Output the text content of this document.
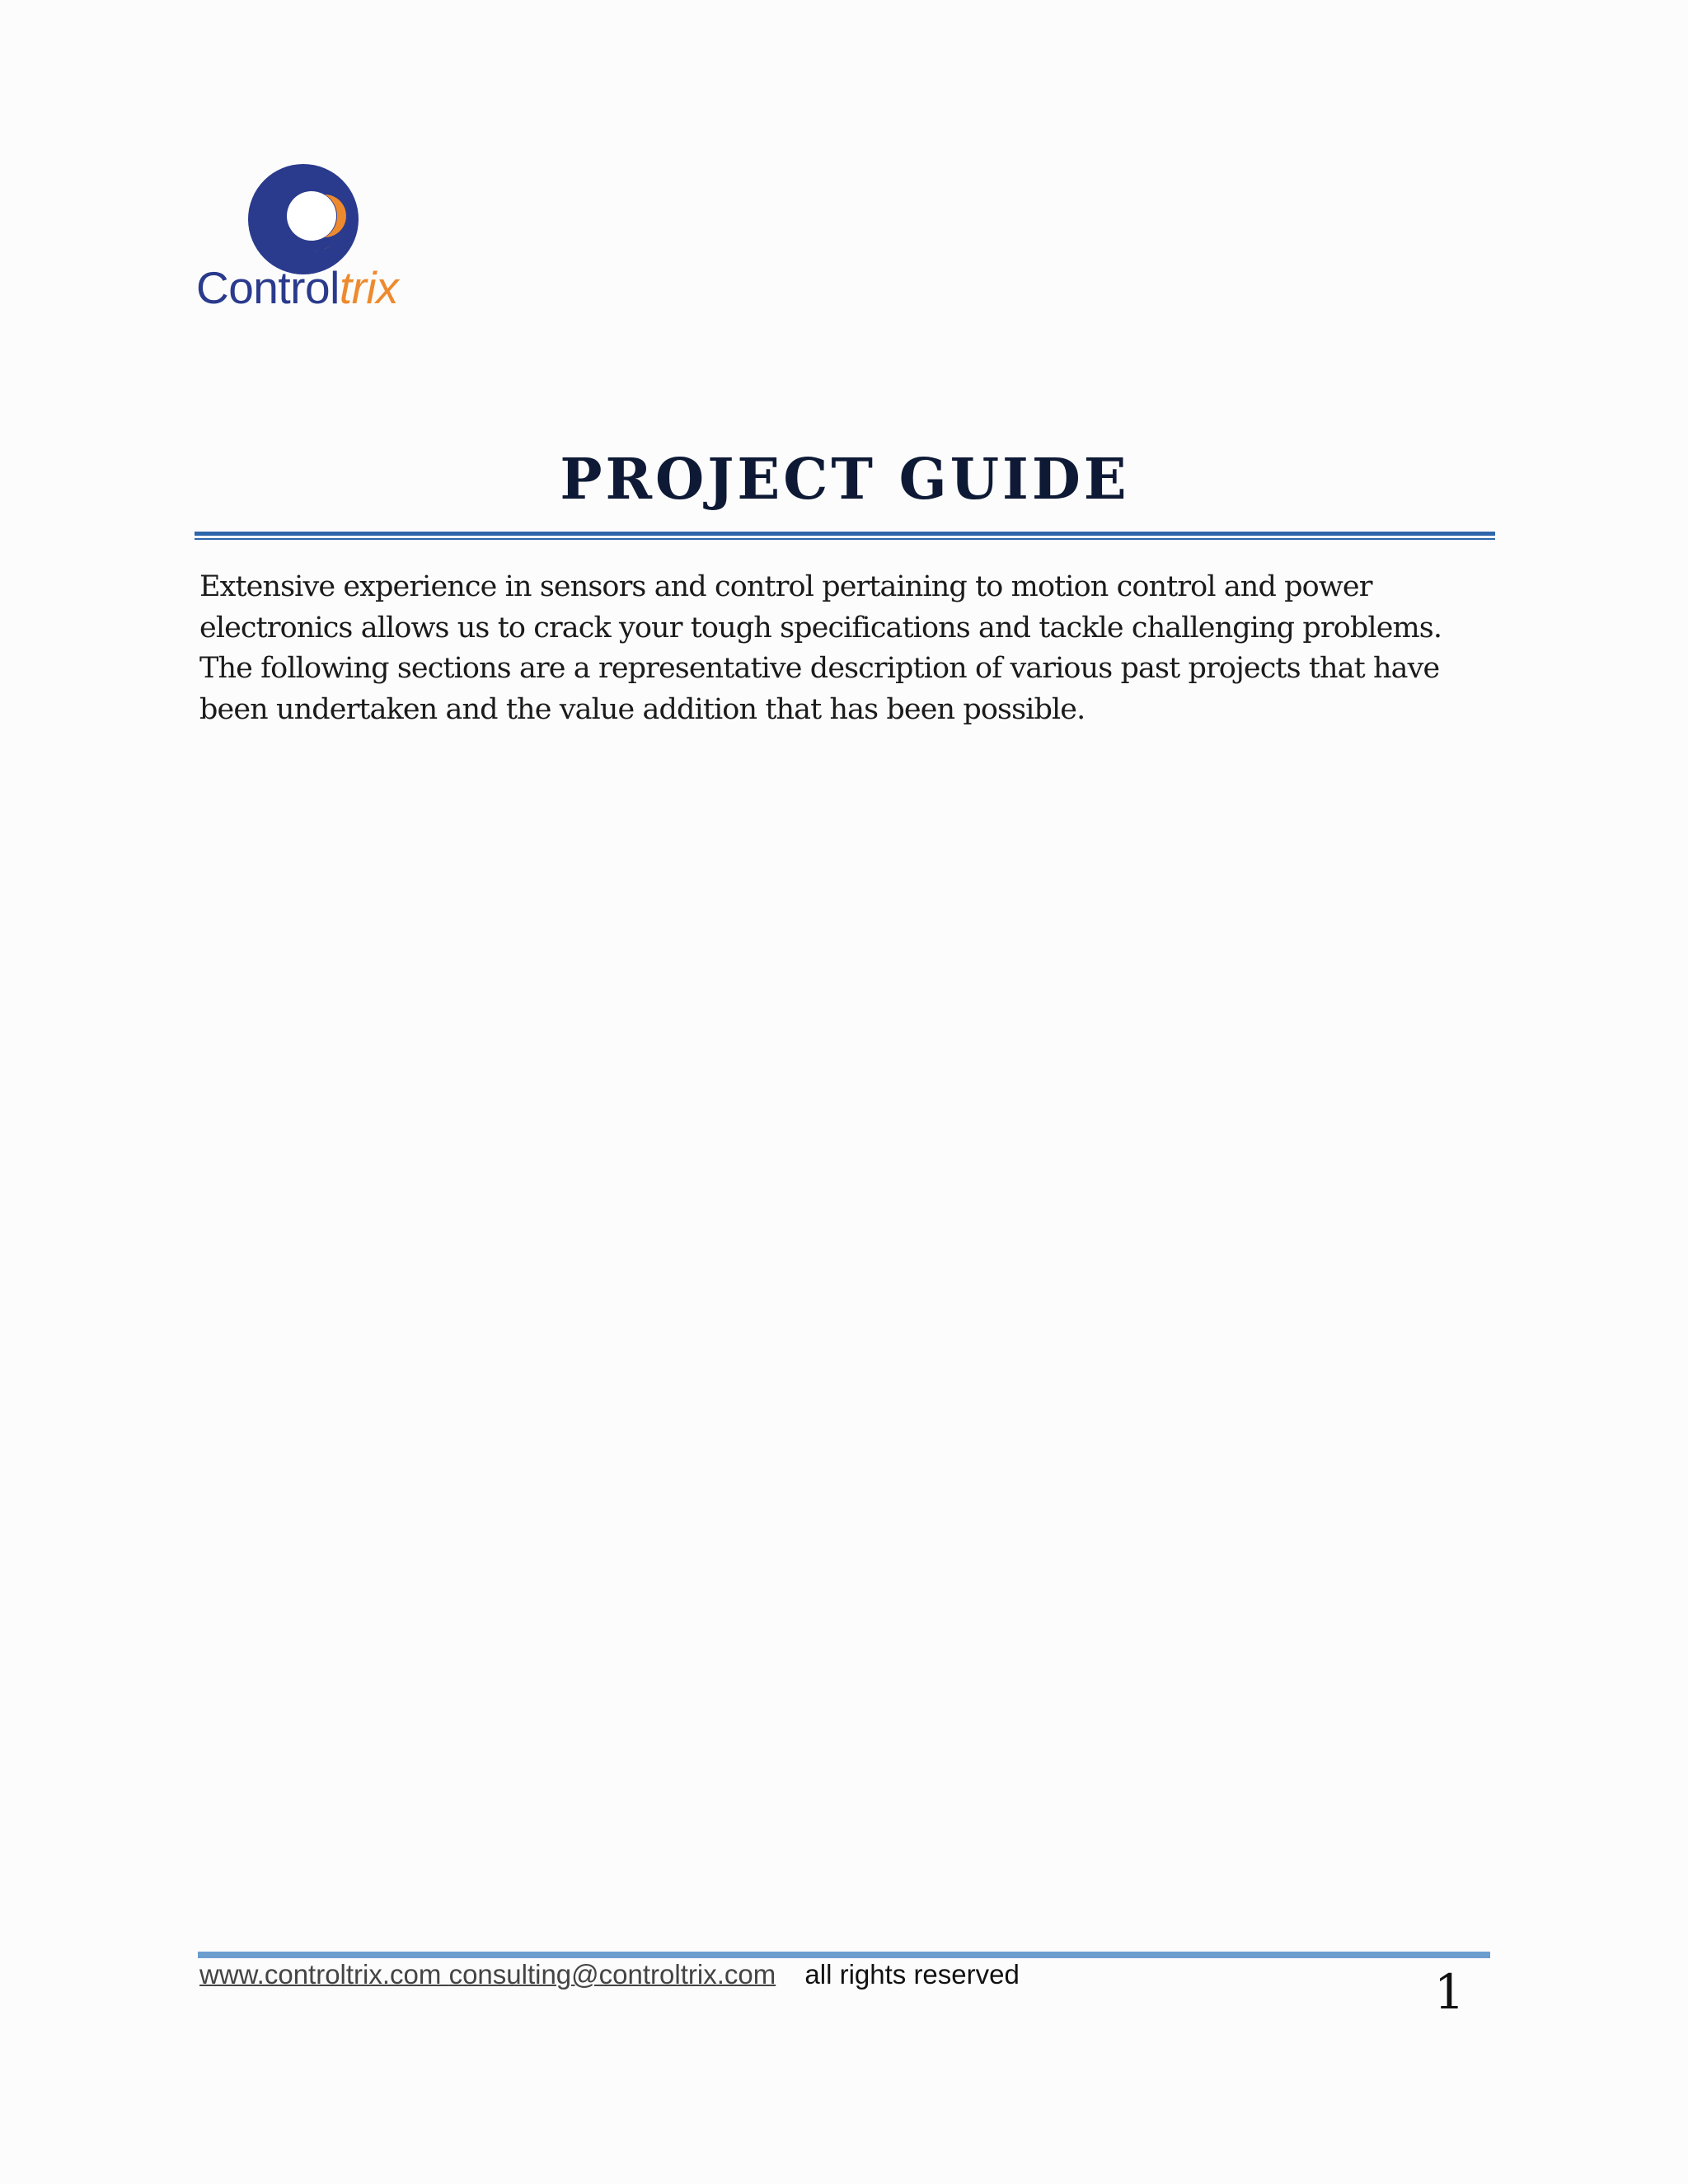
Controltrix
PROJECT GUIDE
Extensive experience in sensors and control pertaining to motion control and power
electronics allows us to crack your tough specifications and tackle challenging problems.
The following sections are a representative description of various past projects that have
been undertaken and the value addition that has been possible.
www.controltrix.com consulting@controltrix.com all rights reserved	1
